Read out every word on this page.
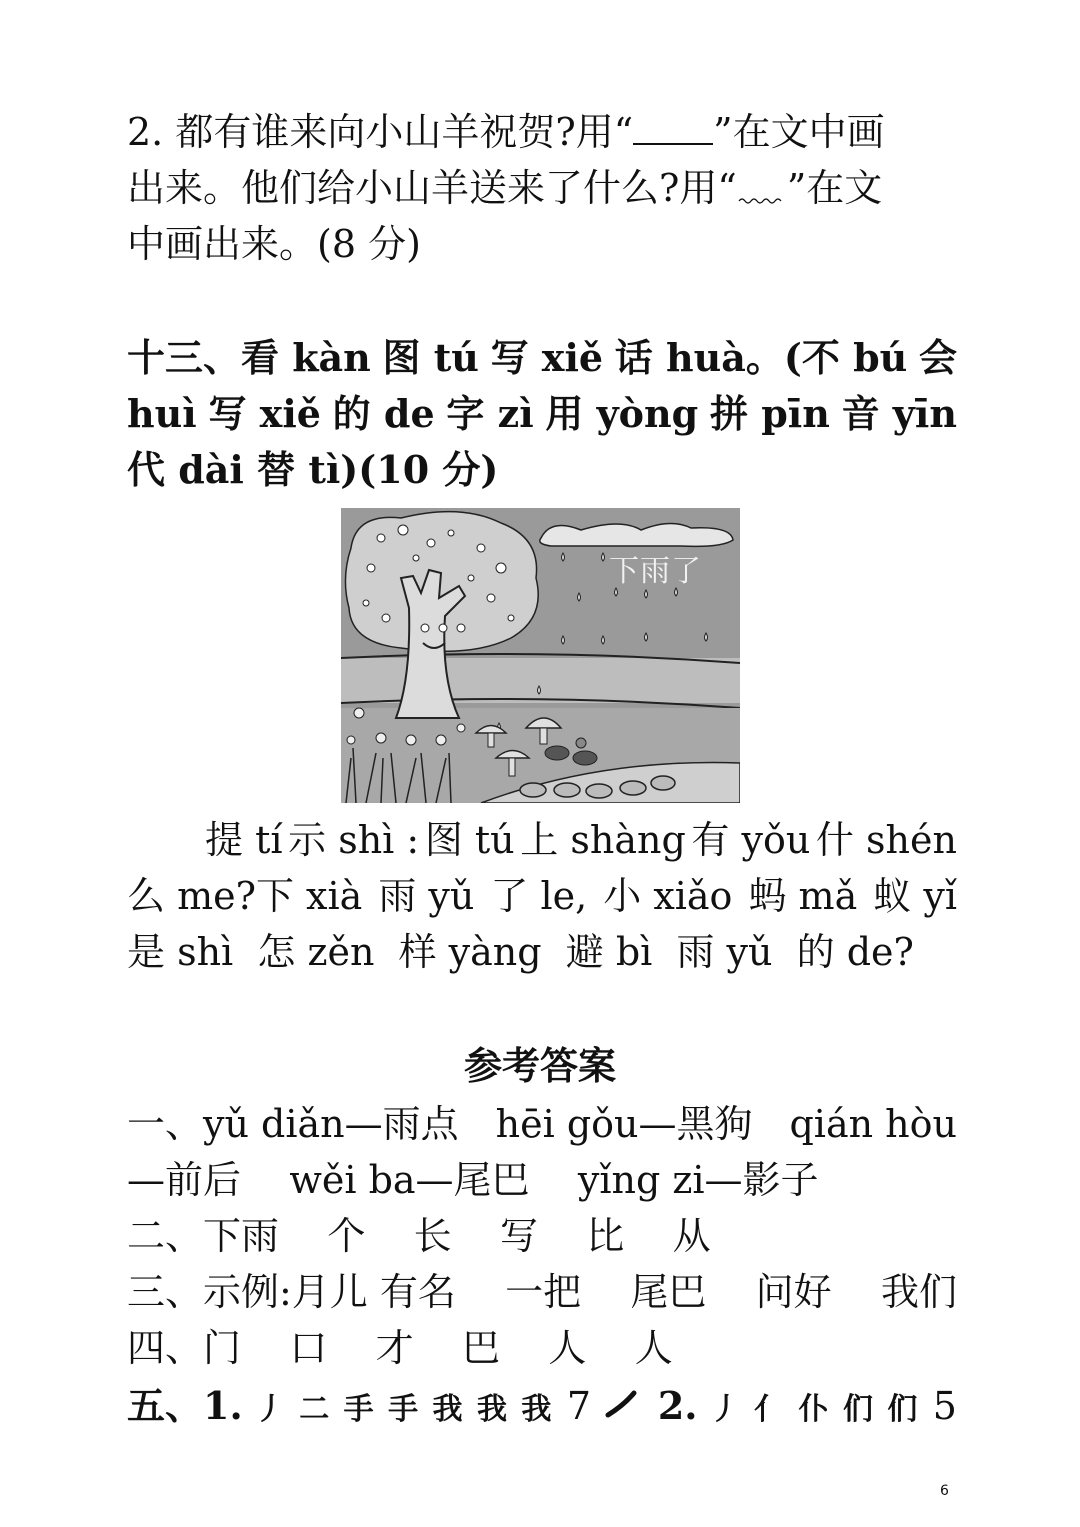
2. 都有谁来向小山羊祝贺?用“ ”在文中画
出来。他们给小山羊送来了什么?用“ ”在文
中画出来。(8 分)
十三、看 kàn 图 tú 写 xiě 话 huà。(不 bú 会
huì 写 xiě 的 de 字 zì 用 yòng 拼 pīn 音 yīn
代 dài 替 tì)(10 分)
下雨了
提 tí 示 shì : 图 tú 上 shàng 有 yǒu 什 shén
么 me?下 xià 雨 yǔ 了 le, 小 xiǎo 蚂 mǎ 蚁 yǐ
是 shì  怎 zěn  样 yàng  避 bì  雨 yǔ  的 de?
参考答案
一、yǔ diǎn—雨点 hēi gǒu—黑狗 qián hòu
—前后    wěi ba—尾巴    yǐng zi—影子
二、下雨    个    长    写    比    从
三、示例:月儿 有名 一把 尾巴 问好 我们
四、门    口    才    巴    人    人
五、1. 丿 ⼆ 手 手 我 我 我 7 2. 丿 亻 仆 们 们 5
6
